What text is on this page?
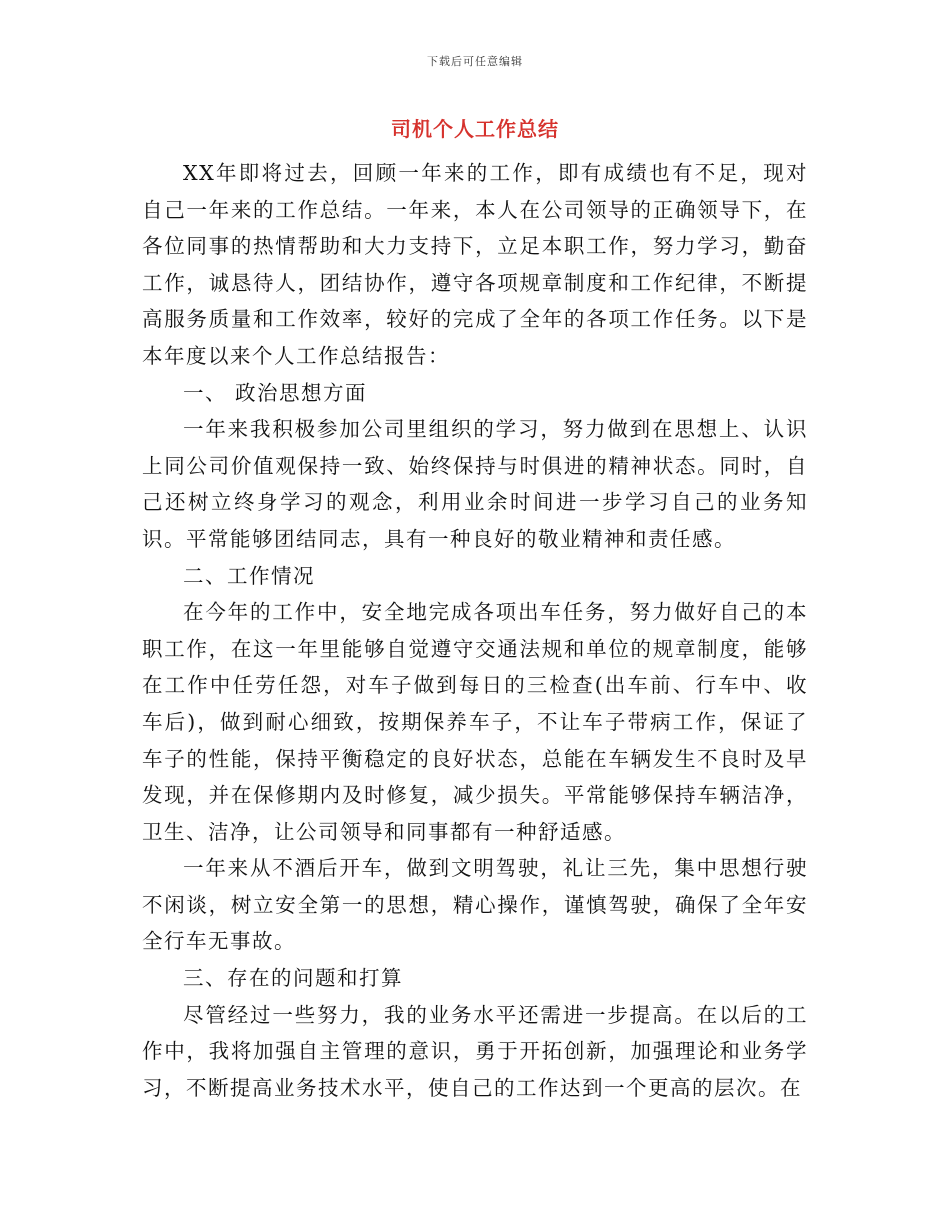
下载后可任意编辑
司机个人工作总结

XX年即将过去，回顾一年来的工作，即有成绩也有不足，现对自己一年来的工作总结。一年来，本人在公司领导的正确领导下，在各位同事的热情帮助和大力支持下，立足本职工作，努力学习，勤奋工作，诚恳待人，团结协作，遵守各项规章制度和工作纪律，不断提高服务质量和工作效率，较好的完成了全年的各项工作任务。以下是本年度以来个人工作总结报告：

一、 政治思想方面

一年来我积极参加公司里组织的学习，努力做到在思想上、认识上同公司价值观保持一致、始终保持与时俱进的精神状态。同时，自己还树立终身学习的观念，利用业余时间进一步学习自己的业务知识。平常能够团结同志，具有一种良好的敬业精神和责任感。

二、工作情况

在今年的工作中，安全地完成各项出车任务，努力做好自己的本职工作，在这一年里能够自觉遵守交通法规和单位的规章制度，能够在工作中任劳任怨，对车子做到每日的三检查(出车前、行车中、收车后)，做到耐心细致，按期保养车子，不让车子带病工作，保证了车子的性能，保持平衡稳定的良好状态，总能在车辆发生不良时及早发现，并在保修期内及时修复，减少损失。平常能够保持车辆洁净，卫生、洁净，让公司领导和同事都有一种舒适感。

一年来从不酒后开车，做到文明驾驶，礼让三先，集中思想行驶不闲谈，树立安全第一的思想，精心操作，谨慎驾驶，确保了全年安全行车无事故。

三、存在的问题和打算

尽管经过一些努力，我的业务水平还需进一步提高。在以后的工作中，我将加强自主管理的意识，勇于开拓创新，加强理论和业务学习，不断提高业务技术水平，使自己的工作达到一个更高的层次。在
